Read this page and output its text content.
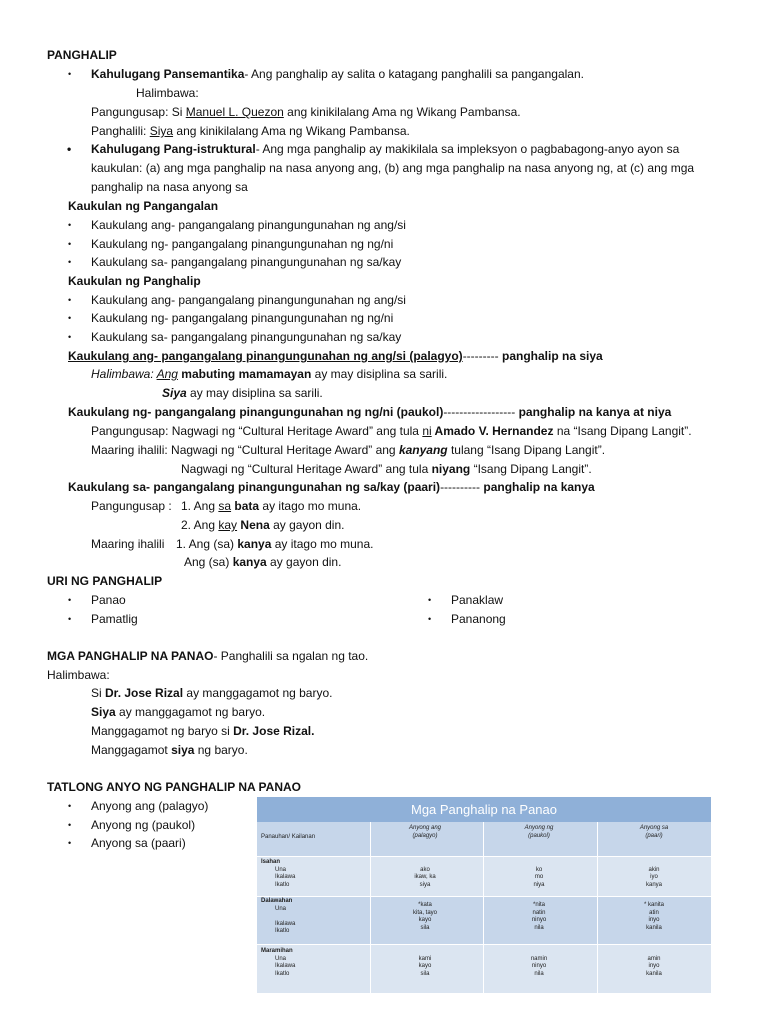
PANGHALIP
• Kahulugang Pansemantika- Ang panghalip ay salita o katagang panghalili sa pangangalan.
Halimbawa:
Pangungusap: Si Manuel L. Quezon ang kinikilalang Ama ng Wikang Pambansa.
Panghalili: Siya ang kinikilalang Ama ng Wikang Pambansa.
• Kahulugang Pang-istruktural- Ang mga panghalip ay makikilala sa impleksyon o pagbabagong-anyo ayon sa
kaukulan: (a) ang mga panghalip na nasa anyong ang, (b) ang mga panghalip na nasa anyong ng, at (c) ang mga
panghalip na nasa anyong sa
Kaukulan ng Pangangalan
• Kaukulang ang- pangangalang pinangungunahan ng ang/si
• Kaukulang ng- pangangalang pinangungunahan ng ng/ni
• Kaukulang sa- pangangalang pinangungunahan ng sa/kay
Kaukulan ng Panghalip
• Kaukulang ang- pangangalang pinangungunahan ng ang/si
• Kaukulang ng- pangangalang pinangungunahan ng ng/ni
• Kaukulang sa- pangangalang pinangungunahan ng sa/kay
Kaukulang ang- pangangalang pinangungunahan ng ang/si (palagyo)--------- panghalip na siya
Halimbawa: Ang mabuting mamamayan ay may disiplina sa sarili.
Siya ay may disiplina sa sarili.
Kaukulang ng- pangangalang pinangungunahan ng ng/ni (paukol)------------------ panghalip na kanya at niya
Pangungusap: Nagwagi ng “Cultural Heritage Award” ang tula ni Amado V. Hernandez na “Isang Dipang Langit”.
Maaring ihalili: Nagwagi ng “Cultural Heritage Award” ang kanyang tulang “Isang Dipang Langit”.
Nagwagi ng “Cultural Heritage Award” ang tula niyang “Isang Dipang Langit”.
Kaukulang sa- pangangalang pinangungunahan ng sa/kay (paari)---------- panghalip na kanya
Pangungusap : 1. Ang sa bata ay itago mo muna.
2. Ang kay Nena ay gayon din.
Maaring ihalili 1. Ang (sa) kanya ay itago mo muna.
Ang (sa) kanya ay gayon din.
URI NG PANGHALIP
• Panao
• Pamatlig
• Panaklaw
• Pananong
MGA PANGHALIP NA PANAO- Panghalili sa ngalan ng tao.
Halimbawa:
Si Dr. Jose Rizal ay manggagamot ng baryo.
Siya ay manggagamot ng baryo.
Manggagamot ng baryo si Dr. Jose Rizal.
Manggagamot siya ng baryo.
TATLONG ANYO NG PANGHALIP NA PANAO
• Anyong ang (palagyo)
• Anyong ng (paukol)
• Anyong sa (paari)
Mga Panghalip na Panao
Panauhan/ Kailanan
Anyong ang
(palagyo)
Anyong ng
(paukol)
Anyong sa
(paari)
Isahan
Una
Ikalawa
Ikatlo
ako
ikaw, ka
siya
ko
mo
niya
akin
iyo
kanya
Dalawahan
Una
Ikalawa
Ikatlo
*kata
kita, tayo
kayo
sila
*nita
natin
ninyo
nila
* kanita
atin
inyo
kanila
Maramihan
Una
Ikalawa
Ikatlo
kami
kayo
sila
namin
ninyo
nila
amin
inyo
kanila
